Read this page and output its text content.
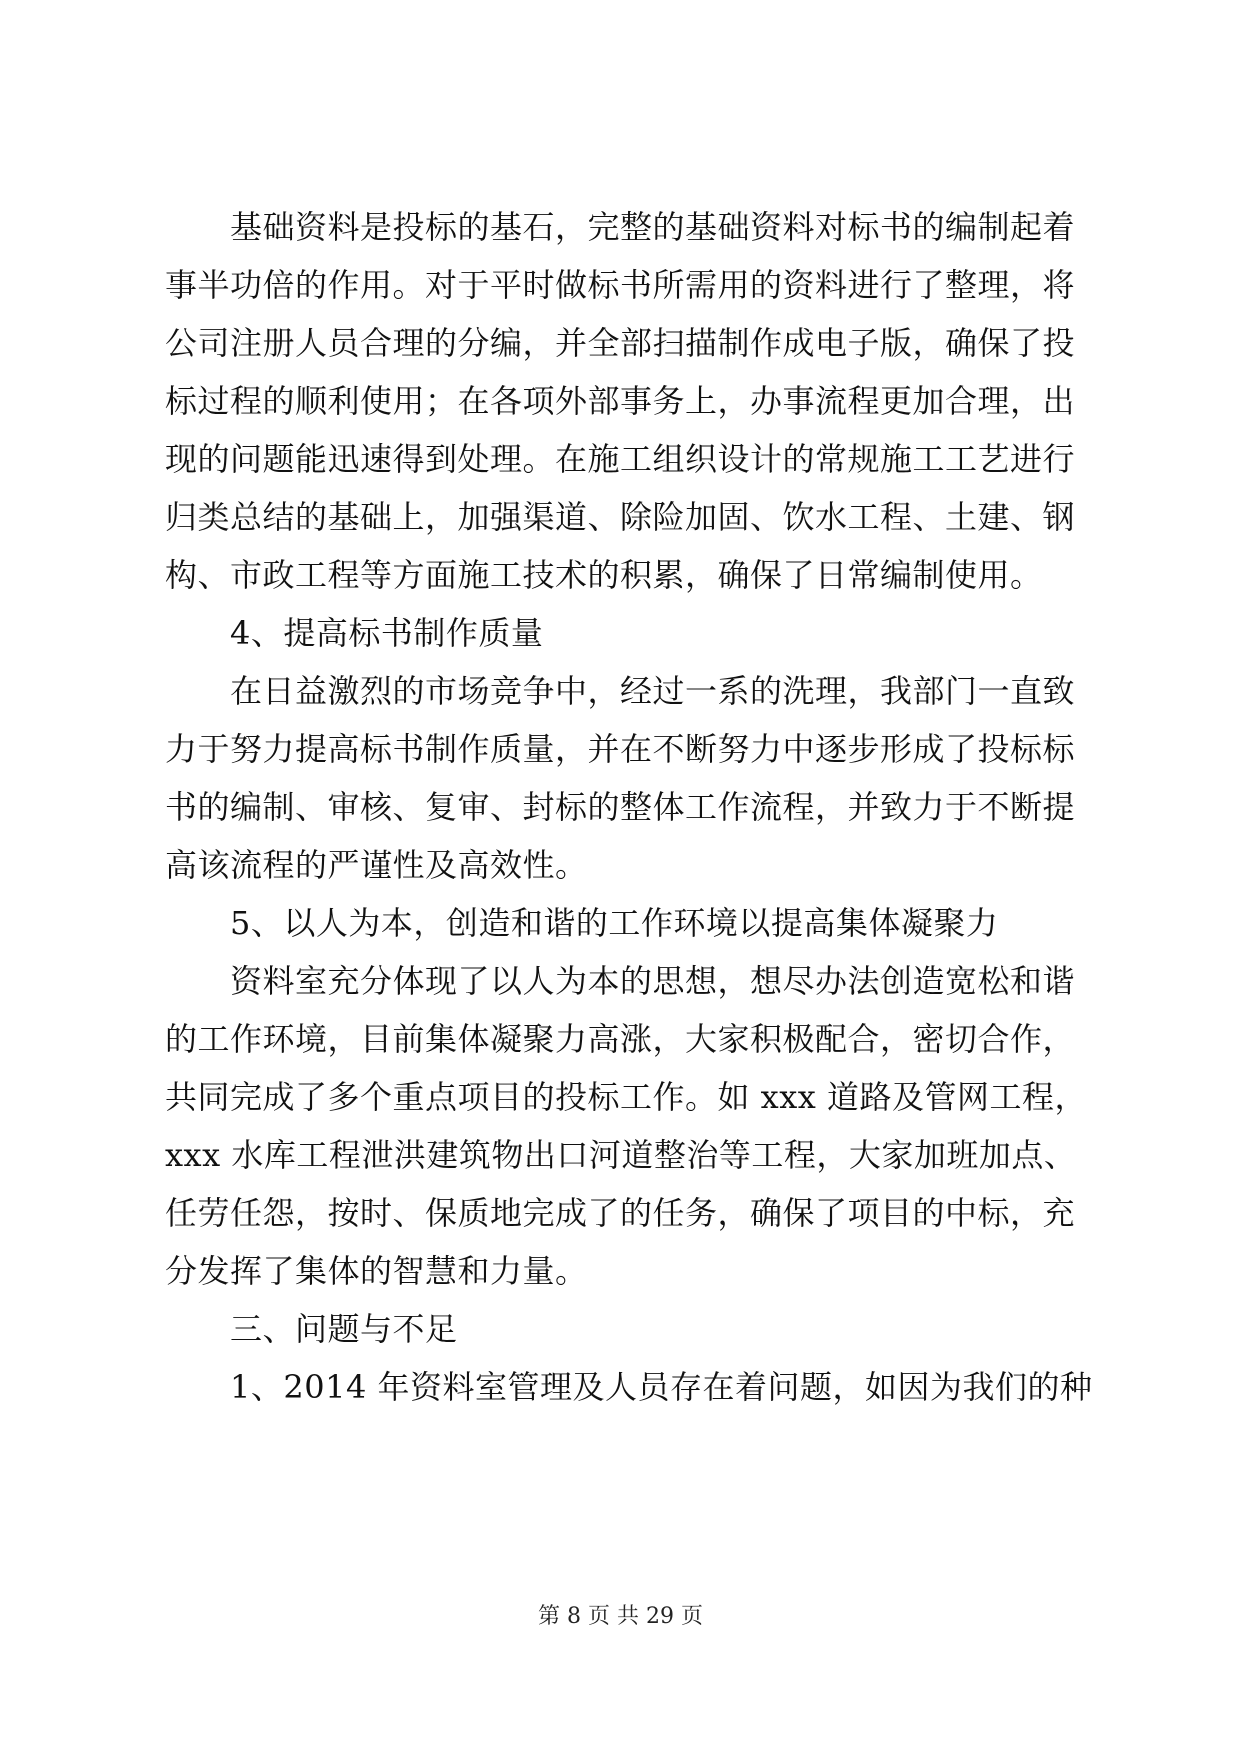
基础资料是投标的基石，完整的基础资料对标书的编制起着
事半功倍的作用。对于平时做标书所需用的资料进行了整理，将
公司注册人员合理的分编，并全部扫描制作成电子版，确保了投
标过程的顺利使用；在各项外部事务上，办事流程更加合理，出
现的问题能迅速得到处理。在施工组织设计的常规施工工艺进行
归类总结的基础上，加强渠道、除险加固、饮水工程、土建、钢
构、市政工程等方面施工技术的积累，确保了日常编制使用。
4、提高标书制作质量
在日益激烈的市场竞争中，经过一系的洗理，我部门一直致
力于努力提高标书制作质量，并在不断努力中逐步形成了投标标
书的编制、审核、复审、封标的整体工作流程，并致力于不断提
高该流程的严谨性及高效性。
5、以人为本，创造和谐的工作环境以提高集体凝聚力
资料室充分体现了以人为本的思想，想尽办法创造宽松和谐
的工作环境，目前集体凝聚力高涨，大家积极配合，密切合作，
共同完成了多个重点项目的投标工作。如 xxx 道路及管网工程，
xxx 水库工程泄洪建筑物出口河道整治等工程，大家加班加点、
任劳任怨，按时、保质地完成了的任务，确保了项目的中标，充
分发挥了集体的智慧和力量。
三、问题与不足
1、2014 年资料室管理及人员存在着问题，如因为我们的种
第 8 页 共 29 页
